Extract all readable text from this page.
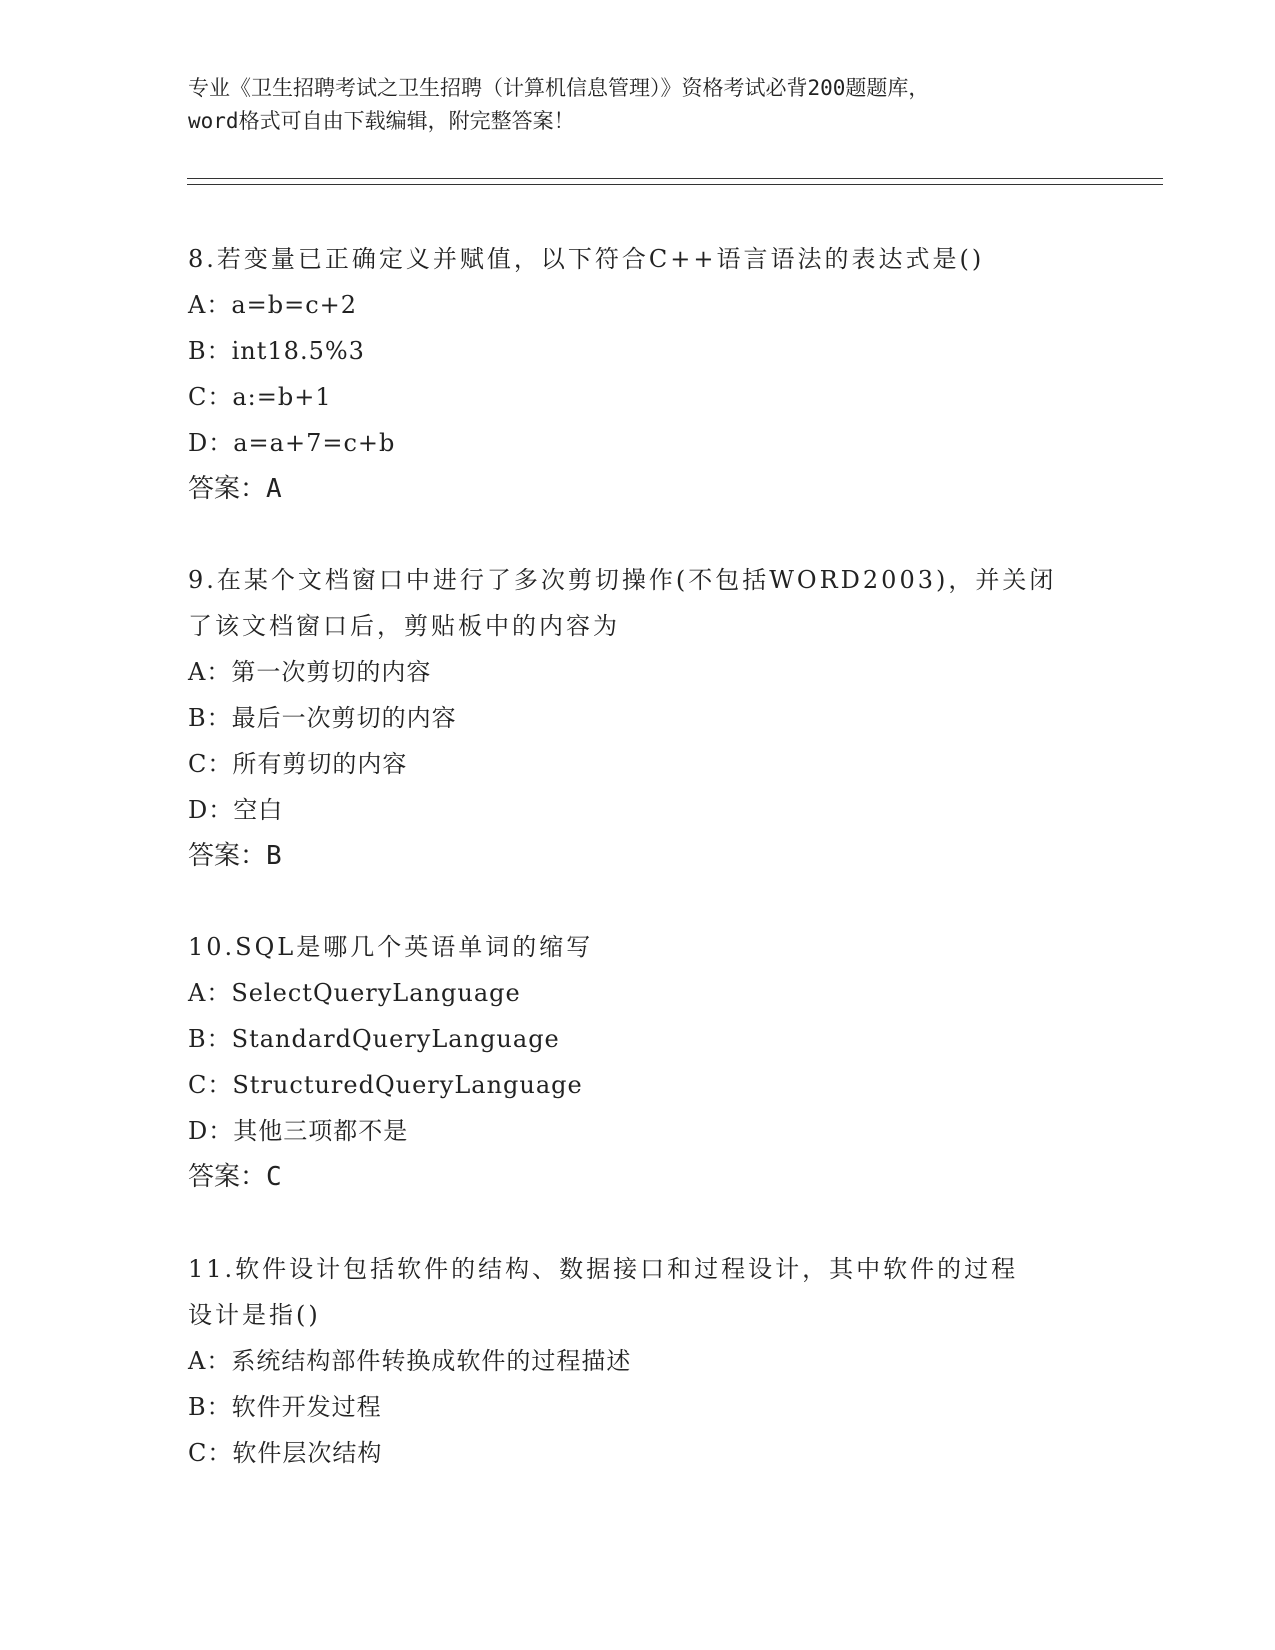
专业《卫生招聘考试之卫生招聘（计算机信息管理）》资格考试必背200题题库，
word格式可自由下载编辑，附完整答案！
8.若变量已正确定义并赋值，以下符合C++语言语法的表达式是()
A：a=b=c+2
B：int18.5%3
C：a:=b+1
D：a=a+7=c+b
答案：A
9.在某个文档窗口中进行了多次剪切操作(不包括WORD2003)，并关闭
了该文档窗口后，剪贴板中的内容为
A：第一次剪切的内容
B：最后一次剪切的内容
C：所有剪切的内容
D：空白
答案：B
10.SQL是哪几个英语单词的缩写
A：SelectQueryLanguage
B：StandardQueryLanguage
C：StructuredQueryLanguage
D：其他三项都不是
答案：C
11.软件设计包括软件的结构、数据接口和过程设计，其中软件的过程
设计是指()
A：系统结构部件转换成软件的过程描述
B：软件开发过程
C：软件层次结构
